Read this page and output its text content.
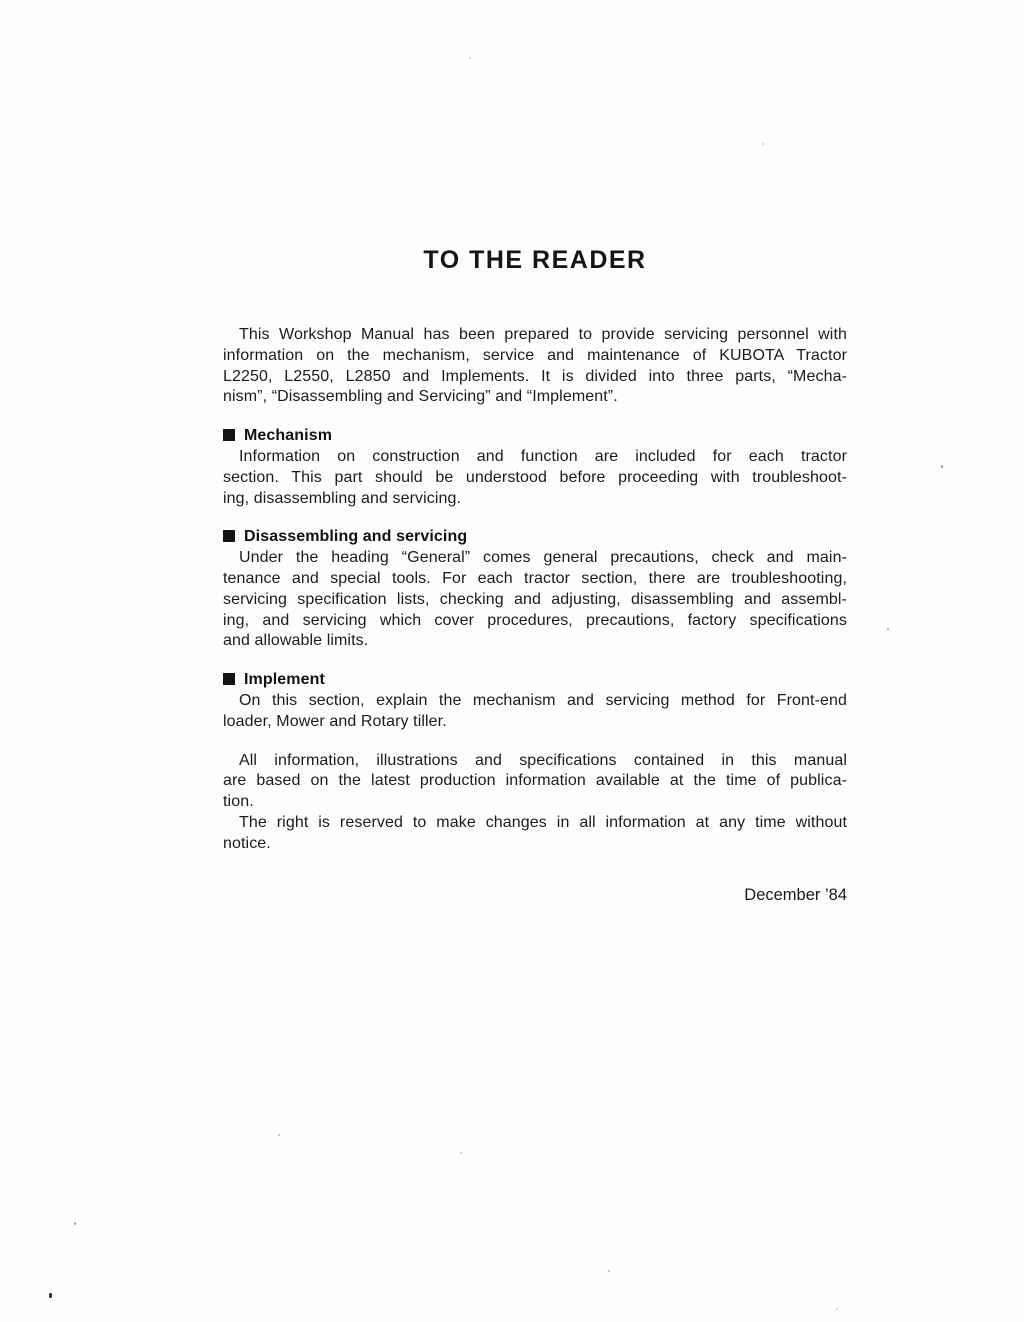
TO THE READER
This Workshop Manual has been prepared to provide servicing personnel with
information on the mechanism, service and maintenance of KUBOTA Tractor
L2250, L2550, L2850 and Implements. It is divided into three parts, “Mecha-
nism”, “Disassembling and Servicing” and “Implement”.
Mechanism
Information on construction and function are included for each tractor
section. This part should be understood before proceeding with troubleshoot-
ing, disassembling and servicing.
Disassembling and servicing
Under the heading “General” comes general precautions, check and main-
tenance and special tools. For each tractor section, there are troubleshooting,
servicing specification lists, checking and adjusting, disassembling and assembl-
ing, and servicing which cover procedures, precautions, factory specifications
and allowable limits.
Implement
On this section, explain the mechanism and servicing method for Front-end
loader, Mower and Rotary tiller.
All information, illustrations and specifications contained in this manual
are based on the latest production information available at the time of publica-
tion.
The right is reserved to make changes in all information at any time without
notice.
December ’84
